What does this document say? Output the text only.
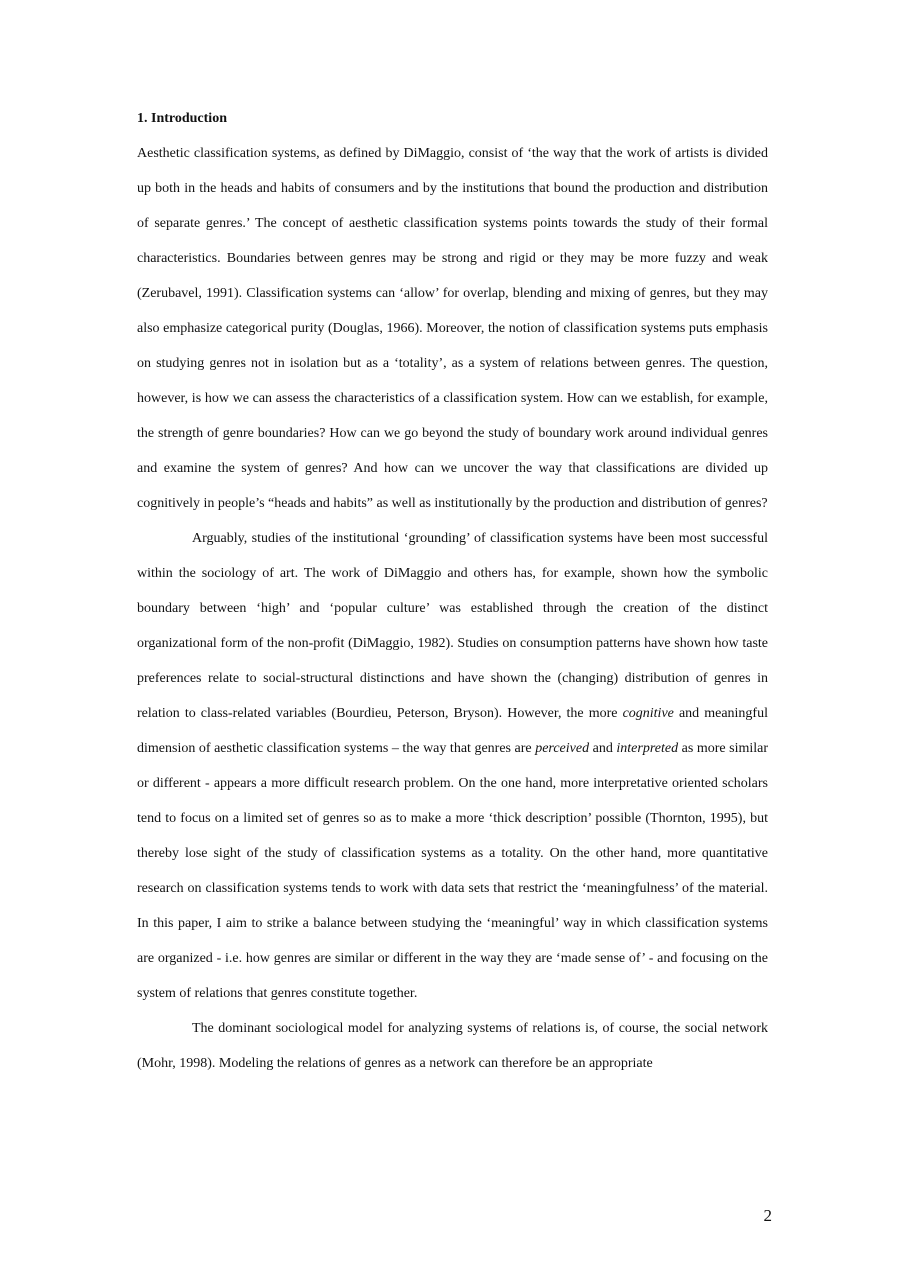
1. Introduction

Aesthetic classification systems, as defined by DiMaggio, consist of ‘the way that the work of artists is divided up both in the heads and habits of consumers and by the institutions that bound the production and distribution of separate genres.’ The concept of aesthetic classification systems points towards the study of their formal characteristics. Boundaries between genres may be strong and rigid or they may be more fuzzy and weak (Zerubavel, 1991). Classification systems can ‘allow’ for overlap, blending and mixing of genres, but they may also emphasize categorical purity (Douglas, 1966). Moreover, the notion of classification systems puts emphasis on studying genres not in isolation but as a ‘totality’, as a system of relations between genres. The question, however, is how we can assess the characteristics of a classification system. How can we establish, for example, the strength of genre boundaries? How can we go beyond the study of boundary work around individual genres and examine the system of genres? And how can we uncover the way that classifications are divided up cognitively in people’s “heads and habits” as well as institutionally by the production and distribution of genres?

Arguably, studies of the institutional ‘grounding’ of classification systems have been most successful within the sociology of art. The work of DiMaggio and others has, for example, shown how the symbolic boundary between ‘high’ and ‘popular culture’ was established through the creation of the distinct organizational form of the non-profit (DiMaggio, 1982). Studies on consumption patterns have shown how taste preferences relate to social-structural distinctions and have shown the (changing) distribution of genres in relation to class-related variables (Bourdieu, Peterson, Bryson). However, the more cognitive and meaningful dimension of aesthetic classification systems – the way that genres are perceived and interpreted as more similar or different - appears a more difficult research problem. On the one hand, more interpretative oriented scholars tend to focus on a limited set of genres so as to make a more ‘thick description’ possible (Thornton, 1995), but thereby lose sight of the study of classification systems as a totality. On the other hand, more quantitative research on classification systems tends to work with data sets that restrict the ‘meaningfulness’ of the material. In this paper, I aim to strike a balance between studying the ‘meaningful’ way in which classification systems are organized - i.e. how genres are similar or different in the way they are ‘made sense of’ - and focusing on the system of relations that genres constitute together.

The dominant sociological model for analyzing systems of relations is, of course, the social network (Mohr, 1998). Modeling the relations of genres as a network can therefore be an appropriate

2
